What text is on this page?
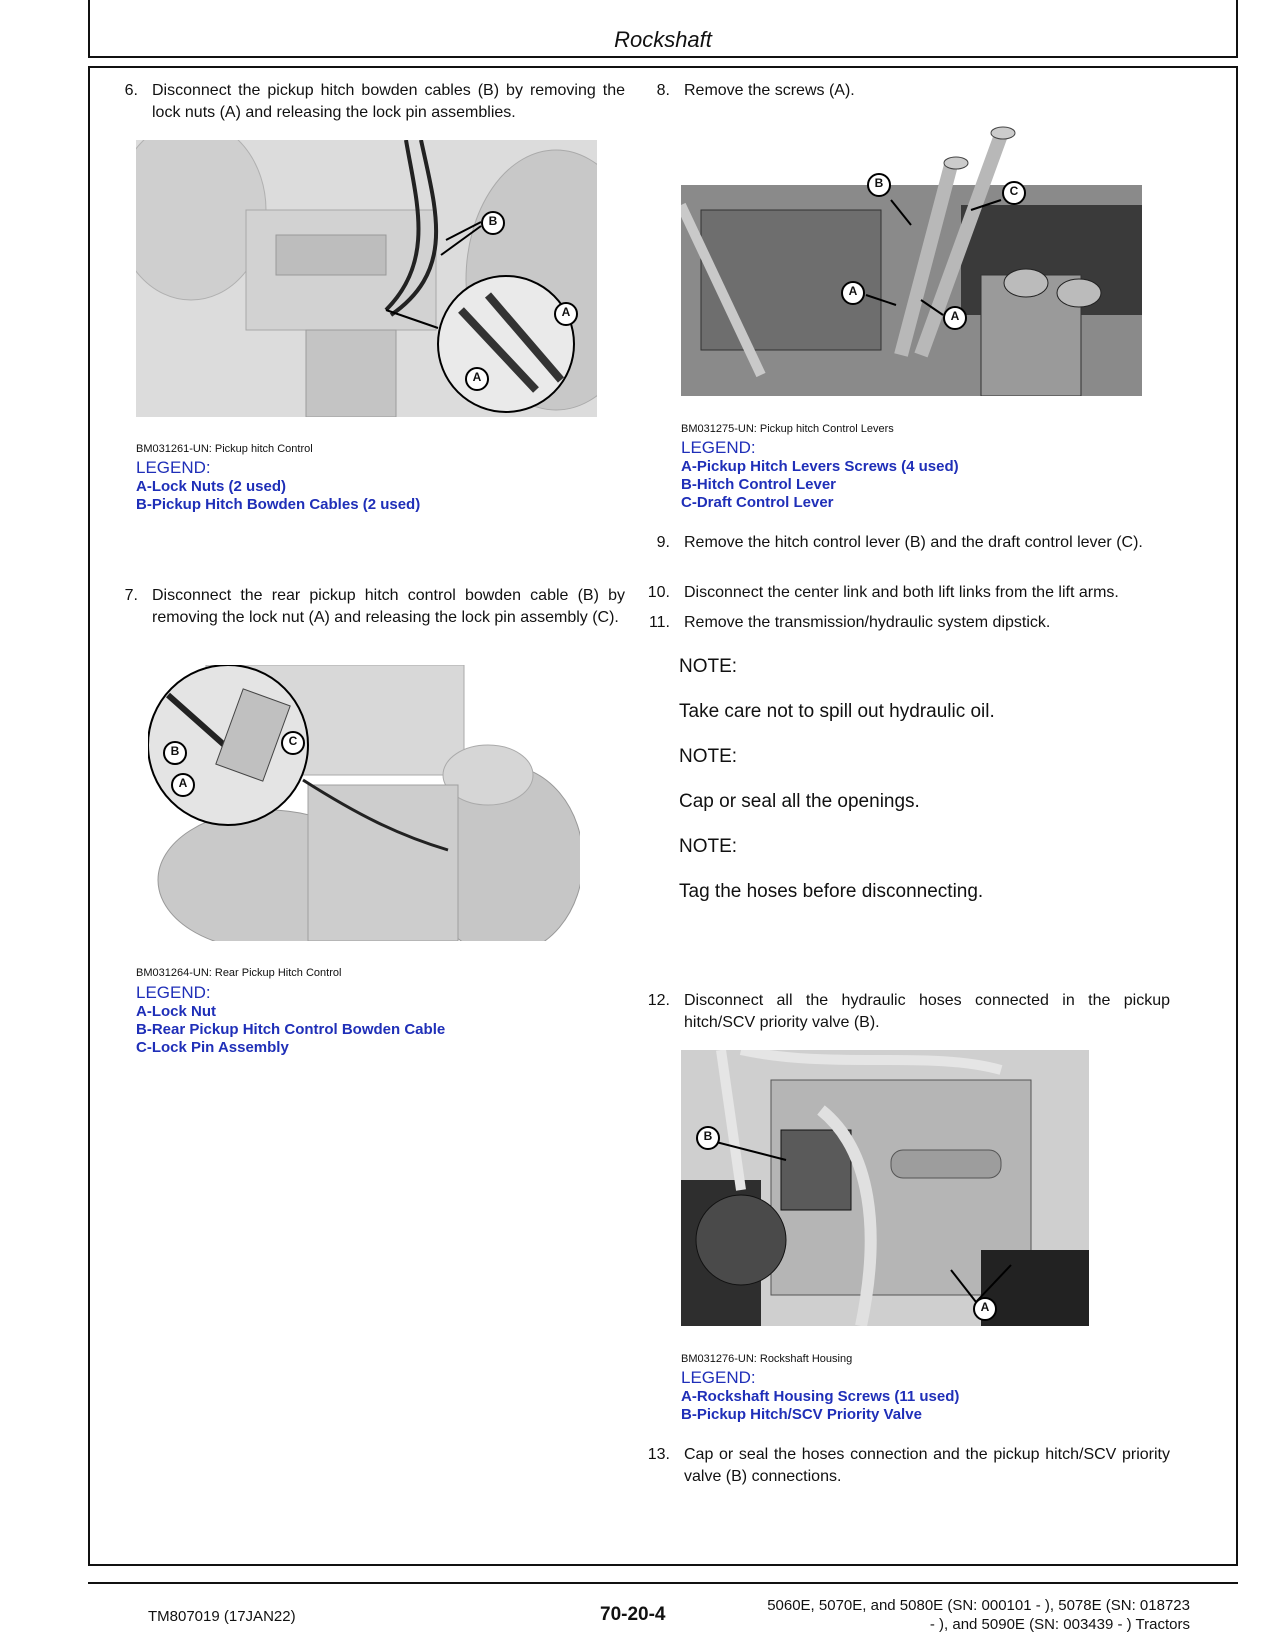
Rockshaft
6. Disconnect the pickup hitch bowden cables (B) by removing the lock nuts (A) and releasing the lock pin assemblies.
B
A
A
BM031261-UN: Pickup hitch Control
LEGEND:
A-Lock Nuts (2 used)
B-Pickup Hitch Bowden Cables (2 used)
7. Disconnect the rear pickup hitch control bowden cable (B) by removing the lock nut (A) and releasing the lock pin assembly (C).
B
C
A
BM031264-UN: Rear Pickup Hitch Control
LEGEND:
A-Lock Nut
B-Rear Pickup Hitch Control Bowden Cable
C-Lock Pin Assembly
8. Remove the screws (A).
B
C
A
A
BM031275-UN: Pickup hitch Control Levers
LEGEND:
A-Pickup Hitch Levers Screws (4 used)
B-Hitch Control Lever
C-Draft Control Lever
9. Remove the hitch control lever (B) and the draft control lever (C).
10. Disconnect the center link and both lift links from the lift arms.
11. Remove the transmission/hydraulic system dipstick.
NOTE:
Take care not to spill out hydraulic oil.
NOTE:
Cap or seal all the openings.
NOTE:
Tag the hoses before disconnecting.
12. Disconnect all the hydraulic hoses connected in the pickup hitch/SCV priority valve (B).
B
A
BM031276-UN: Rockshaft Housing
LEGEND:
A-Rockshaft Housing Screws (11 used)
B-Pickup Hitch/SCV Priority Valve
13. Cap or seal the hoses connection and the pickup hitch/SCV priority valve (B) connections.
TM807019 (17JAN22)	70-20-4	5060E, 5070E, and 5080E (SN: 000101 - ), 5078E (SN: 018723 - ), and 5090E (SN: 003439 - ) Tractors
